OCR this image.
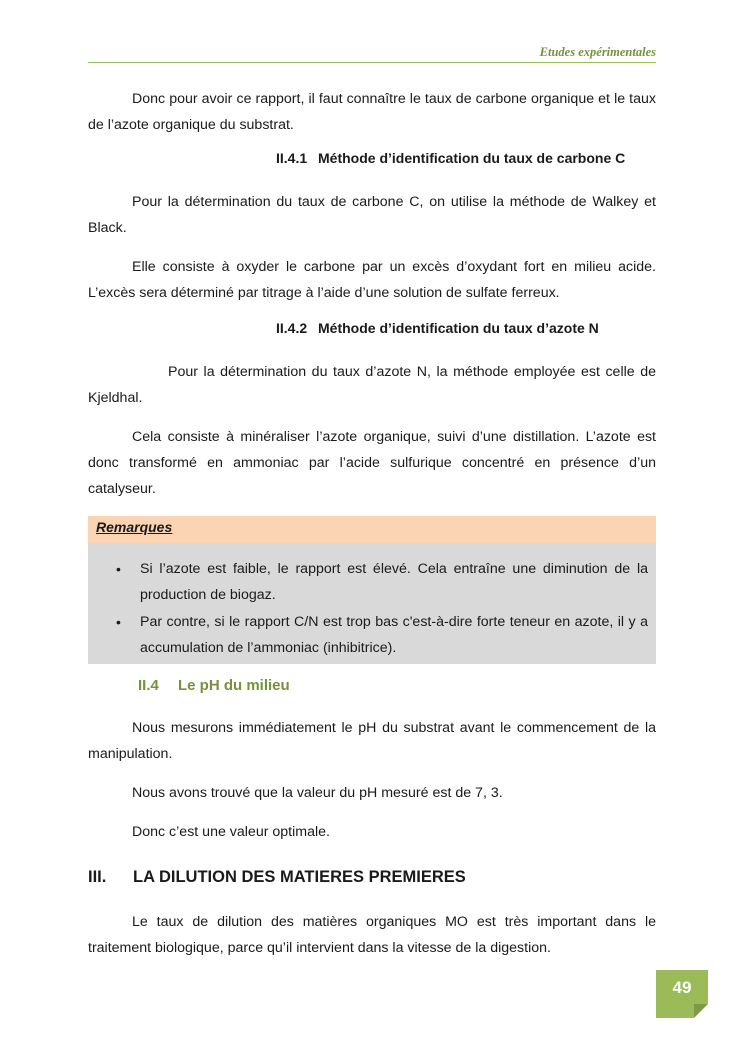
Etudes expérimentales

Donc pour avoir ce rapport, il faut connaître le taux de carbone organique et le taux de l’azote organique du substrat.

II.4.1 Méthode d’identification du taux de carbone C

Pour la détermination du taux de carbone C, on utilise la méthode de Walkey et Black.

Elle consiste à oxyder le carbone par un excès d’oxydant fort en milieu acide. L’excès sera déterminé par titrage à l’aide d’une solution de sulfate ferreux.

II.4.2 Méthode d’identification du taux d’azote N

Pour la détermination du taux d’azote N, la méthode employée est celle de Kjeldhal.

Cela consiste à minéraliser l’azote organique, suivi d’une distillation. L’azote est donc transformé en ammoniac par l’acide sulfurique concentré en présence d’un catalyseur.

Remarques
• Si l’azote est faible, le rapport est élevé. Cela entraîne une diminution de la production de biogaz.
• Par contre, si le rapport C/N est trop bas c'est-à-dire forte teneur en azote, il y a accumulation de l’ammoniac (inhibitrice).
II.4 Le pH du milieu

Nous mesurons immédiatement le pH du substrat avant le commencement de la manipulation.

Nous avons trouvé que la valeur du pH mesuré est de 7, 3.

Donc c’est une valeur optimale.

III. LA DILUTION DES MATIERES PREMIERES

Le taux de dilution des matières organiques MO est très important dans le traitement biologique, parce qu’il intervient dans la vitesse de la digestion.

49
